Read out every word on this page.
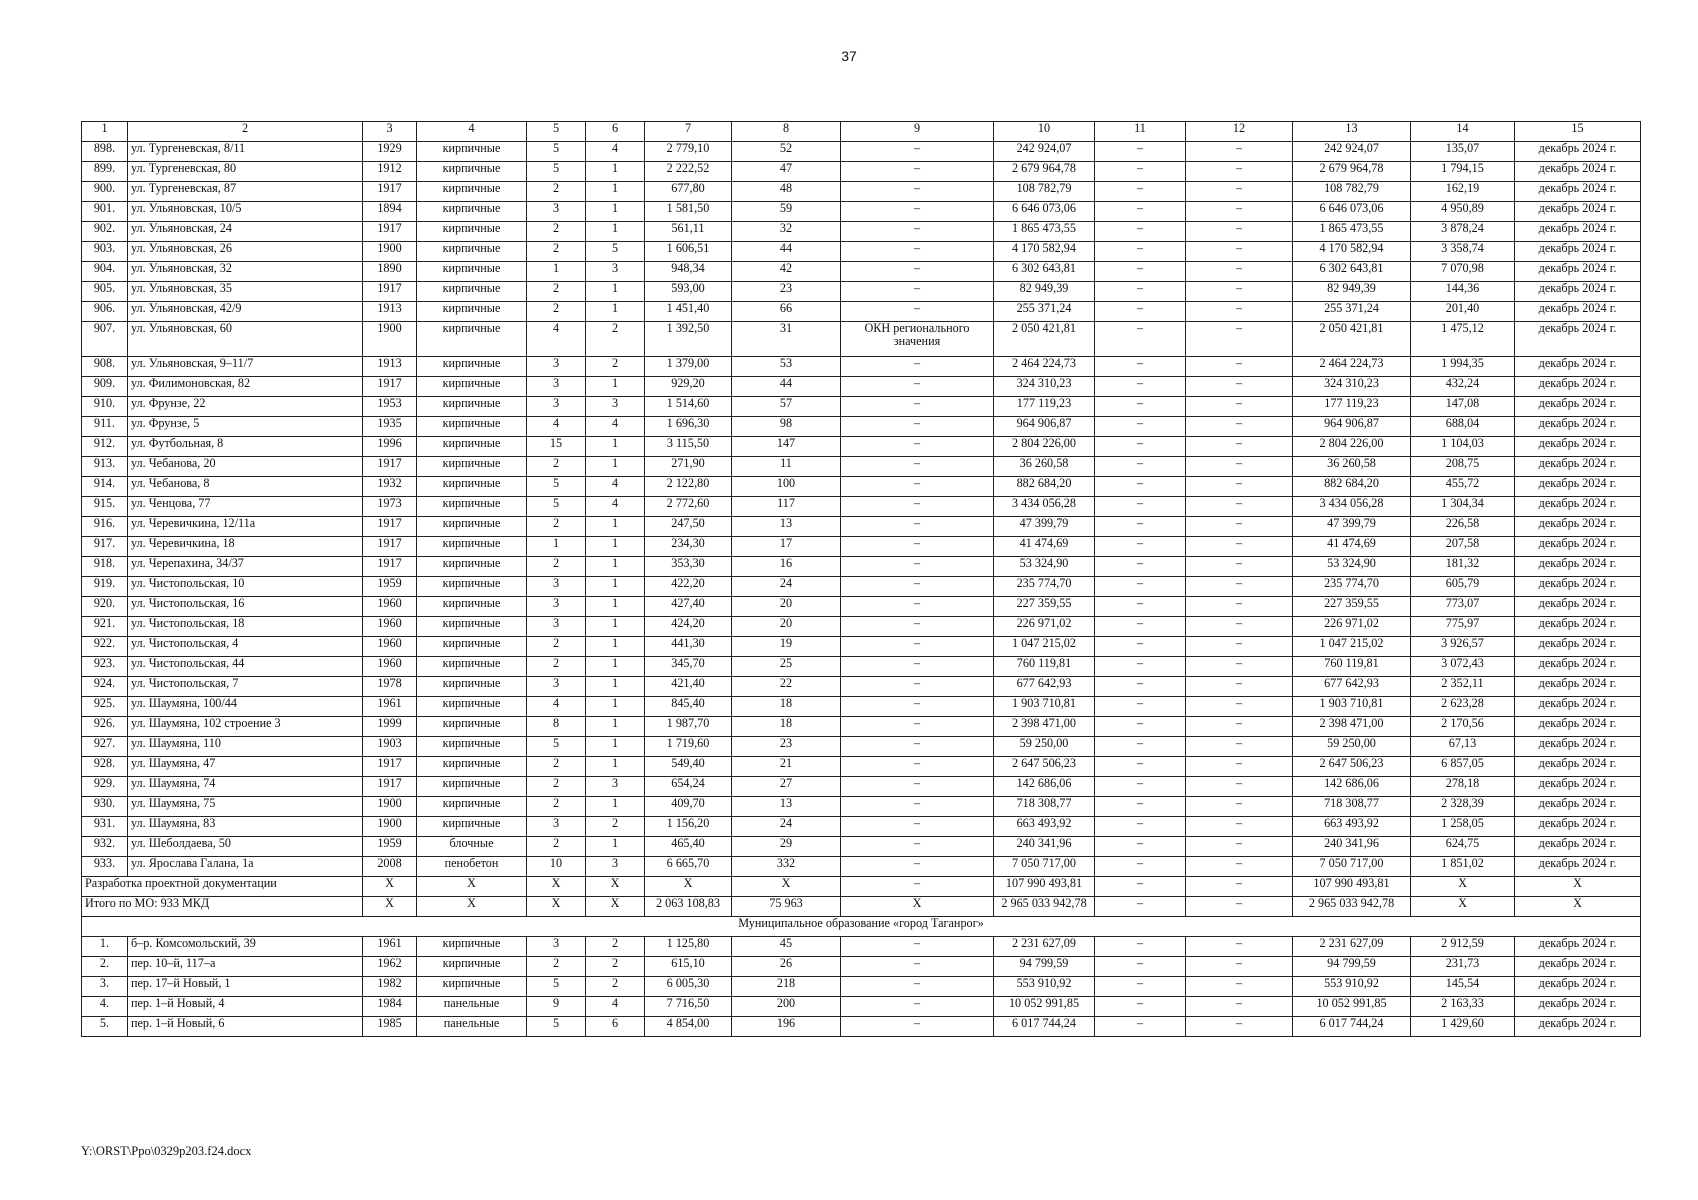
37
1	2	3	4	5	6	7	8	9	10	11	12	13	14	15
898.	ул. Тургеневская, 8/11	1929	кирпичные	5	4	2 779,10	52	–	242 924,07	–	–	242 924,07	135,07	декабрь 2024 г.
899.	ул. Тургеневская, 80	1912	кирпичные	5	1	2 222,52	47	–	2 679 964,78	–	–	2 679 964,78	1 794,15	декабрь 2024 г.
900.	ул. Тургеневская, 87	1917	кирпичные	2	1	677,80	48	–	108 782,79	–	–	108 782,79	162,19	декабрь 2024 г.
901.	ул. Ульяновская, 10/5	1894	кирпичные	3	1	1 581,50	59	–	6 646 073,06	–	–	6 646 073,06	4 950,89	декабрь 2024 г.
902.	ул. Ульяновская, 24	1917	кирпичные	2	1	561,11	32	–	1 865 473,55	–	–	1 865 473,55	3 878,24	декабрь 2024 г.
903.	ул. Ульяновская, 26	1900	кирпичные	2	5	1 606,51	44	–	4 170 582,94	–	–	4 170 582,94	3 358,74	декабрь 2024 г.
904.	ул. Ульяновская, 32	1890	кирпичные	1	3	948,34	42	–	6 302 643,81	–	–	6 302 643,81	7 070,98	декабрь 2024 г.
905.	ул. Ульяновская, 35	1917	кирпичные	2	1	593,00	23	–	82 949,39	–	–	82 949,39	144,36	декабрь 2024 г.
906.	ул. Ульяновская, 42/9	1913	кирпичные	2	1	1 451,40	66	–	255 371,24	–	–	255 371,24	201,40	декабрь 2024 г.
907.	ул. Ульяновская, 60	1900	кирпичные	4	2	1 392,50	31	ОКН регионального значения	2 050 421,81	–	–	2 050 421,81	1 475,12	декабрь 2024 г.
908.	ул. Ульяновская, 9–11/7	1913	кирпичные	3	2	1 379,00	53	–	2 464 224,73	–	–	2 464 224,73	1 994,35	декабрь 2024 г.
909.	ул. Филимоновская, 82	1917	кирпичные	3	1	929,20	44	–	324 310,23	–	–	324 310,23	432,24	декабрь 2024 г.
910.	ул. Фрунзе, 22	1953	кирпичные	3	3	1 514,60	57	–	177 119,23	–	–	177 119,23	147,08	декабрь 2024 г.
911.	ул. Фрунзе, 5	1935	кирпичные	4	4	1 696,30	98	–	964 906,87	–	–	964 906,87	688,04	декабрь 2024 г.
912.	ул. Футбольная, 8	1996	кирпичные	15	1	3 115,50	147	–	2 804 226,00	–	–	2 804 226,00	1 104,03	декабрь 2024 г.
913.	ул. Чебанова, 20	1917	кирпичные	2	1	271,90	11	–	36 260,58	–	–	36 260,58	208,75	декабрь 2024 г.
914.	ул. Чебанова, 8	1932	кирпичные	5	4	2 122,80	100	–	882 684,20	–	–	882 684,20	455,72	декабрь 2024 г.
915.	ул. Ченцова, 77	1973	кирпичные	5	4	2 772,60	117	–	3 434 056,28	–	–	3 434 056,28	1 304,34	декабрь 2024 г.
916.	ул. Черевичкина, 12/11а	1917	кирпичные	2	1	247,50	13	–	47 399,79	–	–	47 399,79	226,58	декабрь 2024 г.
917.	ул. Черевичкина, 18	1917	кирпичные	1	1	234,30	17	–	41 474,69	–	–	41 474,69	207,58	декабрь 2024 г.
918.	ул. Черепахина, 34/37	1917	кирпичные	2	1	353,30	16	–	53 324,90	–	–	53 324,90	181,32	декабрь 2024 г.
919.	ул. Чистопольская, 10	1959	кирпичные	3	1	422,20	24	–	235 774,70	–	–	235 774,70	605,79	декабрь 2024 г.
920.	ул. Чистопольская, 16	1960	кирпичные	3	1	427,40	20	–	227 359,55	–	–	227 359,55	773,07	декабрь 2024 г.
921.	ул. Чистопольская, 18	1960	кирпичные	3	1	424,20	20	–	226 971,02	–	–	226 971,02	775,97	декабрь 2024 г.
922.	ул. Чистопольская, 4	1960	кирпичные	2	1	441,30	19	–	1 047 215,02	–	–	1 047 215,02	3 926,57	декабрь 2024 г.
923.	ул. Чистопольская, 44	1960	кирпичные	2	1	345,70	25	–	760 119,81	–	–	760 119,81	3 072,43	декабрь 2024 г.
924.	ул. Чистопольская, 7	1978	кирпичные	3	1	421,40	22	–	677 642,93	–	–	677 642,93	2 352,11	декабрь 2024 г.
925.	ул. Шаумяна, 100/44	1961	кирпичные	4	1	845,40	18	–	1 903 710,81	–	–	1 903 710,81	2 623,28	декабрь 2024 г.
926.	ул. Шаумяна, 102 строение 3	1999	кирпичные	8	1	1 987,70	18	–	2 398 471,00	–	–	2 398 471,00	2 170,56	декабрь 2024 г.
927.	ул. Шаумяна, 110	1903	кирпичные	5	1	1 719,60	23	–	59 250,00	–	–	59 250,00	67,13	декабрь 2024 г.
928.	ул. Шаумяна, 47	1917	кирпичные	2	1	549,40	21	–	2 647 506,23	–	–	2 647 506,23	6 857,05	декабрь 2024 г.
929.	ул. Шаумяна, 74	1917	кирпичные	2	3	654,24	27	–	142 686,06	–	–	142 686,06	278,18	декабрь 2024 г.
930.	ул. Шаумяна, 75	1900	кирпичные	2	1	409,70	13	–	718 308,77	–	–	718 308,77	2 328,39	декабрь 2024 г.
931.	ул. Шаумяна, 83	1900	кирпичные	3	2	1 156,20	24	–	663 493,92	–	–	663 493,92	1 258,05	декабрь 2024 г.
932.	ул. Шеболдаева, 50	1959	блочные	2	1	465,40	29	–	240 341,96	–	–	240 341,96	624,75	декабрь 2024 г.
933.	ул. Ярослава Галана, 1а	2008	пенобетон	10	3	6 665,70	332	–	7 050 717,00	–	–	7 050 717,00	1 851,02	декабрь 2024 г.
Разработка проектной документации		X	X	X	X	X	X	–	107 990 493,81	–	–	107 990 493,81	X	X
Итого по МО: 933 МКД		X	X	X	X	2 063 108,83	75 963	X	2 965 033 942,78	–	–	2 965 033 942,78	X	X
Муниципальное образование «город Таганрог»														
1.	б–р. Комсомольский, 39	1961	кирпичные	3	2	1 125,80	45	–	2 231 627,09	–	–	2 231 627,09	2 912,59	декабрь 2024 г.
2.	пер. 10–й, 117–а	1962	кирпичные	2	2	615,10	26	–	94 799,59	–	–	94 799,59	231,73	декабрь 2024 г.
3.	пер. 17–й Новый, 1	1982	кирпичные	5	2	6 005,30	218	–	553 910,92	–	–	553 910,92	145,54	декабрь 2024 г.
4.	пер. 1–й Новый, 4	1984	панельные	9	4	7 716,50	200	–	10 052 991,85	–	–	10 052 991,85	2 163,33	декабрь 2024 г.
5.	пер. 1–й Новый, 6	1985	панельные	5	6	4 854,00	196	–	6 017 744,24	–	–	6 017 744,24	1 429,60	декабрь 2024 г.
Y:\ORST\Ppo\0329p203.f24.docx
